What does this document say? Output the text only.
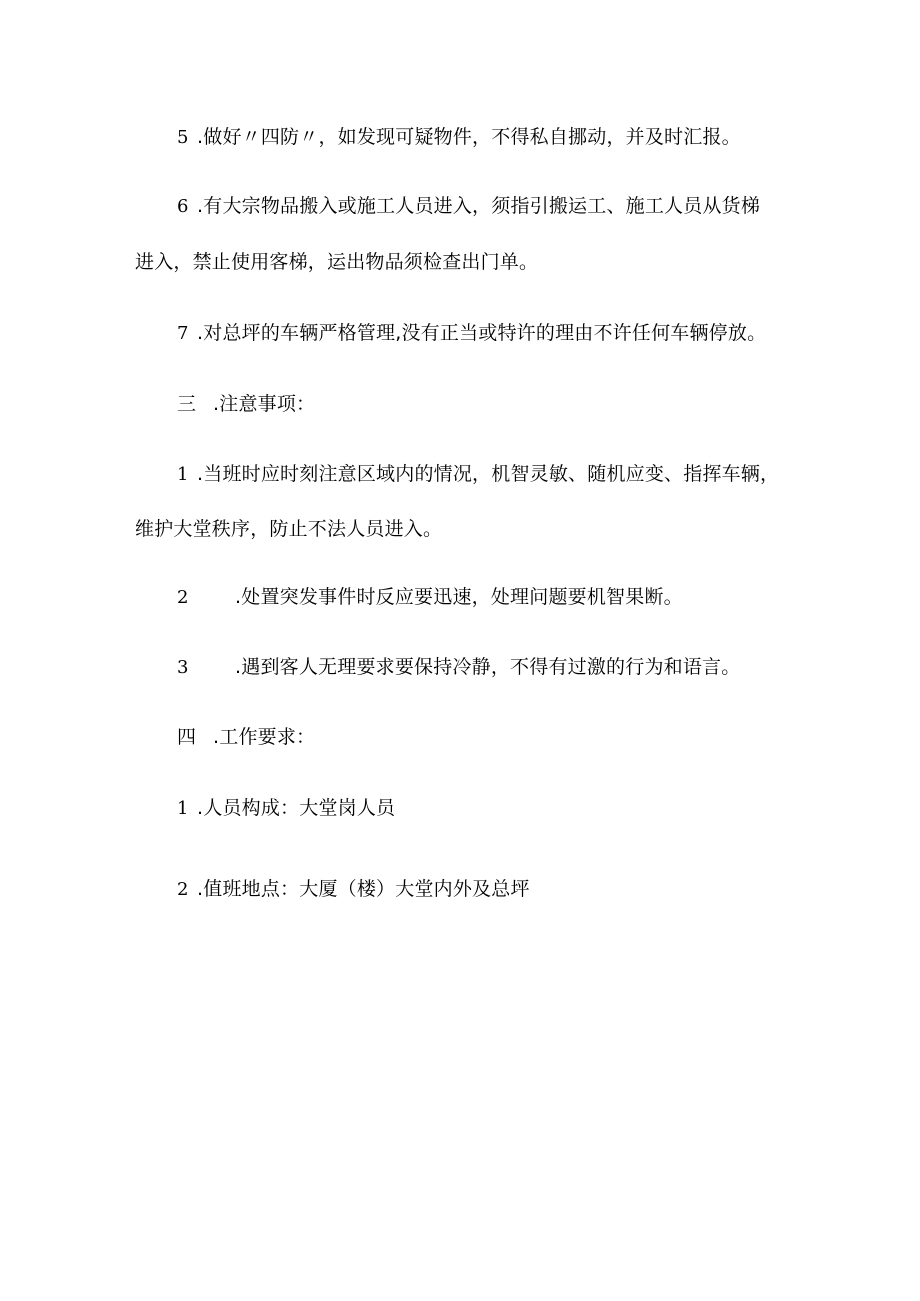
5 .做好〃四防〃，如发现可疑物件，不得私自挪动，并及时汇报。
6 .有大宗物品搬入或施工人员进入，须指引搬运工、施工人员从货梯
进入，禁止使用客梯，运出物品须检查出门单。
7 .对总坪的车辆严格管理,没有正当或特许的理由不许任何车辆停放。
三 .注意事项：
1 .当班时应时刻注意区域内的情况，机智灵敏、随机应变、指挥车辆，
维护大堂秩序，防止不法人员进入。
2 .处置突发事件时反应要迅速，处理问题要机智果断。
3 .遇到客人无理要求要保持冷静，不得有过激的行为和语言。
四 .工作要求：
1 .人员构成：大堂岗人员
2 .值班地点：大厦（楼）大堂内外及总坪
